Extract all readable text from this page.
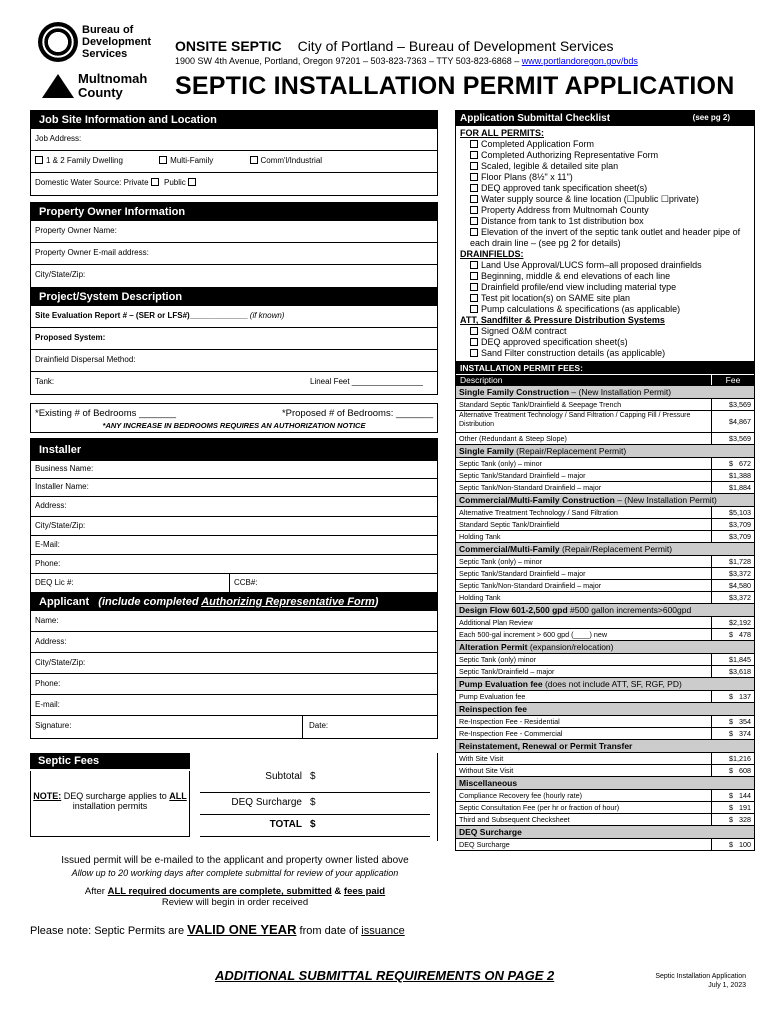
Bureau of
Development
Services
Multnomah
County
ONSITE SEPTIC City of Portland – Bureau of Development Services
1900 SW 4th Avenue, Portland, Oregon 97201 – 503-823-7363 – TTY 503-823-6868 – www.portlandoregon.gov/bds
SEPTIC INSTALLATION PERMIT APPLICATION
Job Site Information and Location
Job Address:
1 & 2 Family Dwelling	Multi-Family	Comm'l/Industrial
Domestic Water Source: Private Public
Property Owner Information
Property Owner Name:
Property Owner E-mail address:
City/State/Zip:
Project/System Description
Site Evaluation Report # – (SER or LFS#)_____________ (if known)
Proposed System:
Drainfield Dispersal Method:
Tank:	Lineal Feet ________________
*Existing # of Bedrooms _______	*Proposed # of Bedrooms: _______
*ANY INCREASE IN BEDROOMS REQUIRES AN AUTHORIZATION NOTICE
Installer
Business Name:
Installer Name:
Address:
City/State/Zip:
E-Mail:
Phone:
DEQ Lic #:	CCB#:
Applicant (include completed Authorizing Representative Form)
Name:
Address:
City/State/Zip:
Phone:
E-mail:
Signature:	Date:
Septic Fees
NOTE: DEQ surcharge applies to ALL installation permits
Subtotal $
DEQ Surcharge $
TOTAL $
Issued permit will be e-mailed to the applicant and property owner listed above
Allow up to 20 working days after complete submittal for review of your application
After ALL required documents are complete, submitted & fees paid
Review will begin in order received
Please note: Septic Permits are VALID ONE YEAR from date of issuance
ADDITIONAL SUBMITTAL REQUIREMENTS ON PAGE 2	Septic Installation Application
July 1, 2023
Application Submittal Checklist	(see pg 2)
FOR ALL PERMITS:
Completed Application Form
Completed Authorizing Representative Form
Scaled, legible & detailed site plan
Floor Plans (8½" x 11")
DEQ approved tank specification sheet(s)
Water supply source & line location (☐public ☐private)
Property Address from Multnomah County
Distance from tank to 1st distribution box
Elevation of the invert of the septic tank outlet and header pipe of each drain line – (see pg 2 for details)
DRAINFIELDS:
Land Use Approval/LUCS form–all proposed drainfields
Beginning, middle & end elevations of each line
Drainfield profile/end view including material type
Test pit location(s) on SAME site plan
Pump calculations & specifications (as applicable)
ATT, Sandfilter & Pressure Distribution Systems
Signed O&M contract
DEQ approved specification sheet(s)
Sand Filter construction details (as applicable)
INSTALLATION PERMIT FEES:
Description	Fee
Single Family Construction – (New Installation Permit)
Standard Septic Tank/Drainfield & Seepage Trench	$3,569
Alternative Treatment Technology / Sand Filtration / Capping Fill / Pressure Distribution	$4,867
Other (Redundant & Steep Slope)	$3,569
Single Family (Repair/Replacement Permit)
Septic Tank (only) – minor	$   672
Septic Tank/Standard Drainfield – major	$1,388
Septic Tank/Non-Standard Drainfield – major	$1,884
Commercial/Multi-Family Construction – (New Installation Permit)
Alternative Treatment Technology / Sand Filtration	$5,103
Standard Septic Tank/Drainfield	$3,709
Holding Tank	$3,709
Commercial/Multi-Family (Repair/Replacement Permit)
Septic Tank (only) – minor	$1,728
Septic Tank/Standard Drainfield – major	$3,372
Septic Tank/Non-Standard Drainfield – major	$4,580
Holding Tank	$3,372
Design Flow 601-2,500 gpd #500 gallon increments>600gpd
Additional Plan Review	$2,192
Each 500-gal increment > 600 gpd (____) new	$   478
Alteration Permit (expansion/relocation)
Septic Tank (only) minor	$1,845
Septic Tank/Drainfield – major	$3,618
Pump Evaluation fee (does not include ATT, SF, RGF, PD)
Pump Evaluation fee	$   137
Reinspection fee
Re-Inspection Fee - Residential	$   354
Re-Inspection Fee - Commercial	$   374
Reinstatement, Renewal or Permit Transfer
With Site Visit	$1,216
Without Site Visit	$   608
Miscellaneous
Compliance Recovery fee (hourly rate)	$   144
Septic Consultation Fee (per hr or fraction of hour)	$   191
Third and Subsequent Checksheet	$   328
DEQ Surcharge
DEQ Surcharge	$   100
